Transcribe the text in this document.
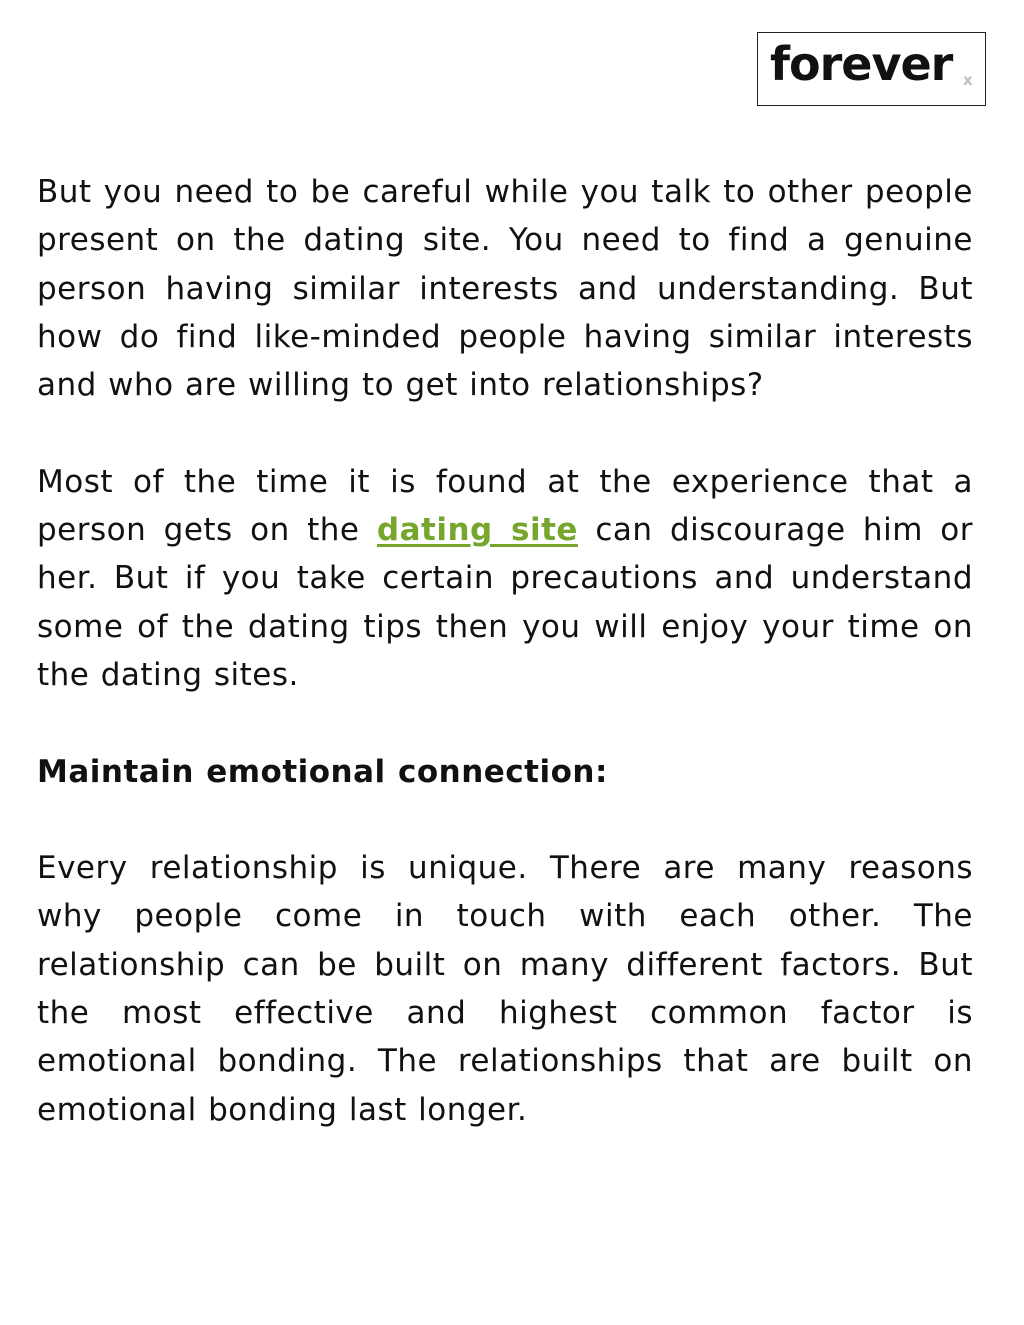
forever x

But you need to be careful while you talk to other people present on the dating site. You need to find a genuine person having similar interests and understanding. But how do find like-minded people having similar interests and who are willing to get into relationships?

Most of the time it is found at the experience that a person gets on the dating site can discourage him or her. But if you take certain precautions and understand some of the dating tips then you will enjoy your time on the dating sites.

Maintain emotional connection:

Every relationship is unique. There are many reasons why people come in touch with each other. The relationship can be built on many different factors. But the most effective and highest common factor is emotional bonding. The relationships that are built on emotional bonding last longer.
